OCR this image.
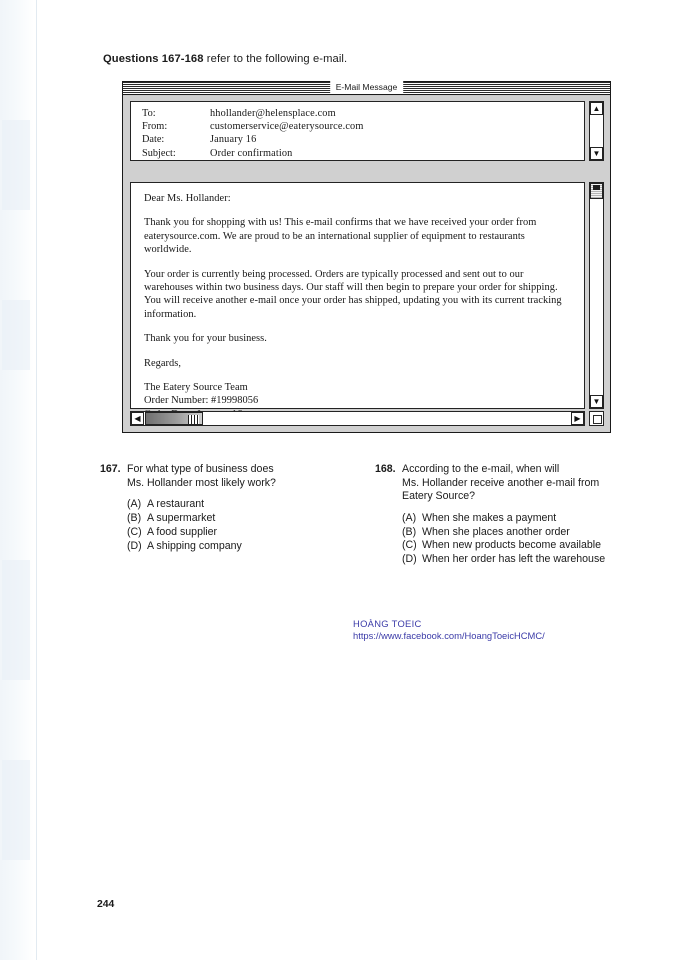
Questions 167-168 refer to the following e-mail.
E-Mail Message
To:	hhollander@helensplace.com
From:	customerservice@eaterysource.com
Date:	January 16
Subject:	Order confirmation
▲
▼

Dear Ms. Hollander:

Thank you for shopping with us! This e-mail confirms that we have received your order from eaterysource.com. We are proud to be an international supplier of equipment to restaurants worldwide.

Your order is currently being processed. Orders are typically processed and sent out to our warehouses within two business days. Our staff will then begin to prepare your order for shipping. You will receive another e-mail once your order has shipped, updating you with its current tracking information.

Thank you for your business.

Regards,

The Eatery Source Team
Order Number: #19998056	▼
◀	▶
167. For what type of business does
Ms. Hollander most likely work?
(A) A restaurant
(B) A supermarket
(C) A food supplier
(D) A shipping company
168. According to the e-mail, when will
Ms. Hollander receive another e-mail from
Eatery Source?
(A) When she makes a payment
(B) When she places another order
(C) When new products become available
(D) When her order has left the warehouse
HOÀNG TOEIC
https://www.facebook.com/HoangToeicHCMC/
244
